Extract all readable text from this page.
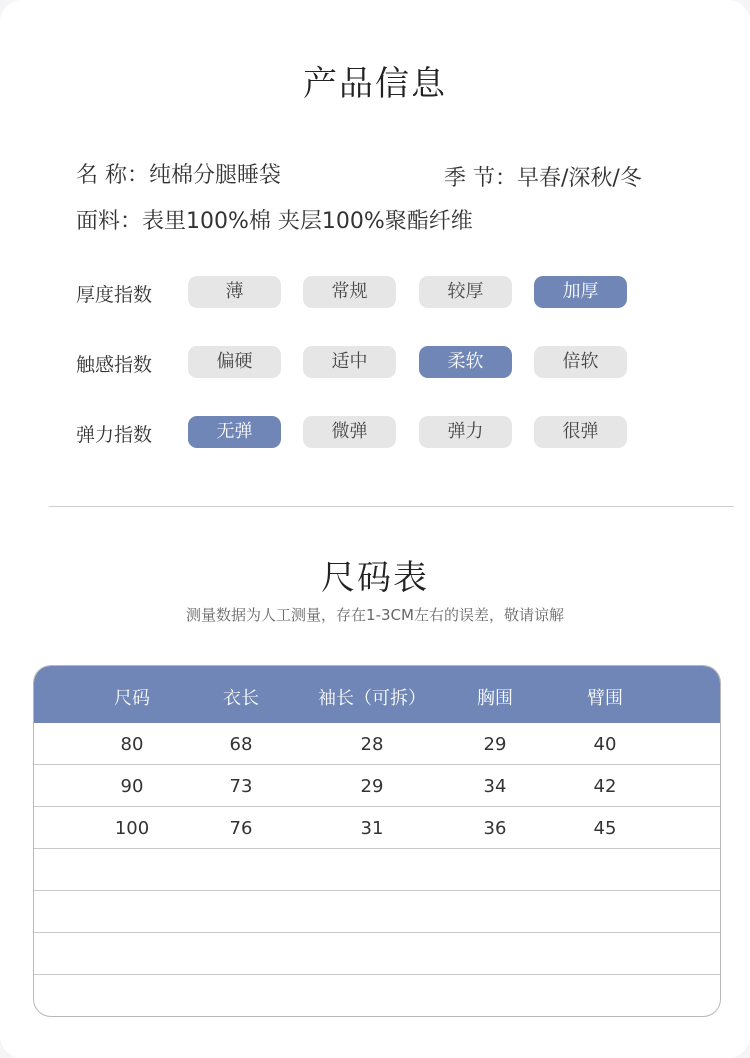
产品信息
名 称：纯棉分腿睡袋	季 节：早春/深秋/冬
面料：表里100%棉 夹层100%聚酯纤维
厚度指数	薄	常规	较厚	加厚
触感指数	偏硬	适中	柔软	倍软
弹力指数	无弹	微弹	弹力	很弹
尺码表
测量数据为人工测量，存在1-3CM左右的误差，敬请谅解
尺码	衣长	袖长（可拆）	胸围	臂围
80	68	28	29	40
90	73	29	34	42
100	76	31	36	45
